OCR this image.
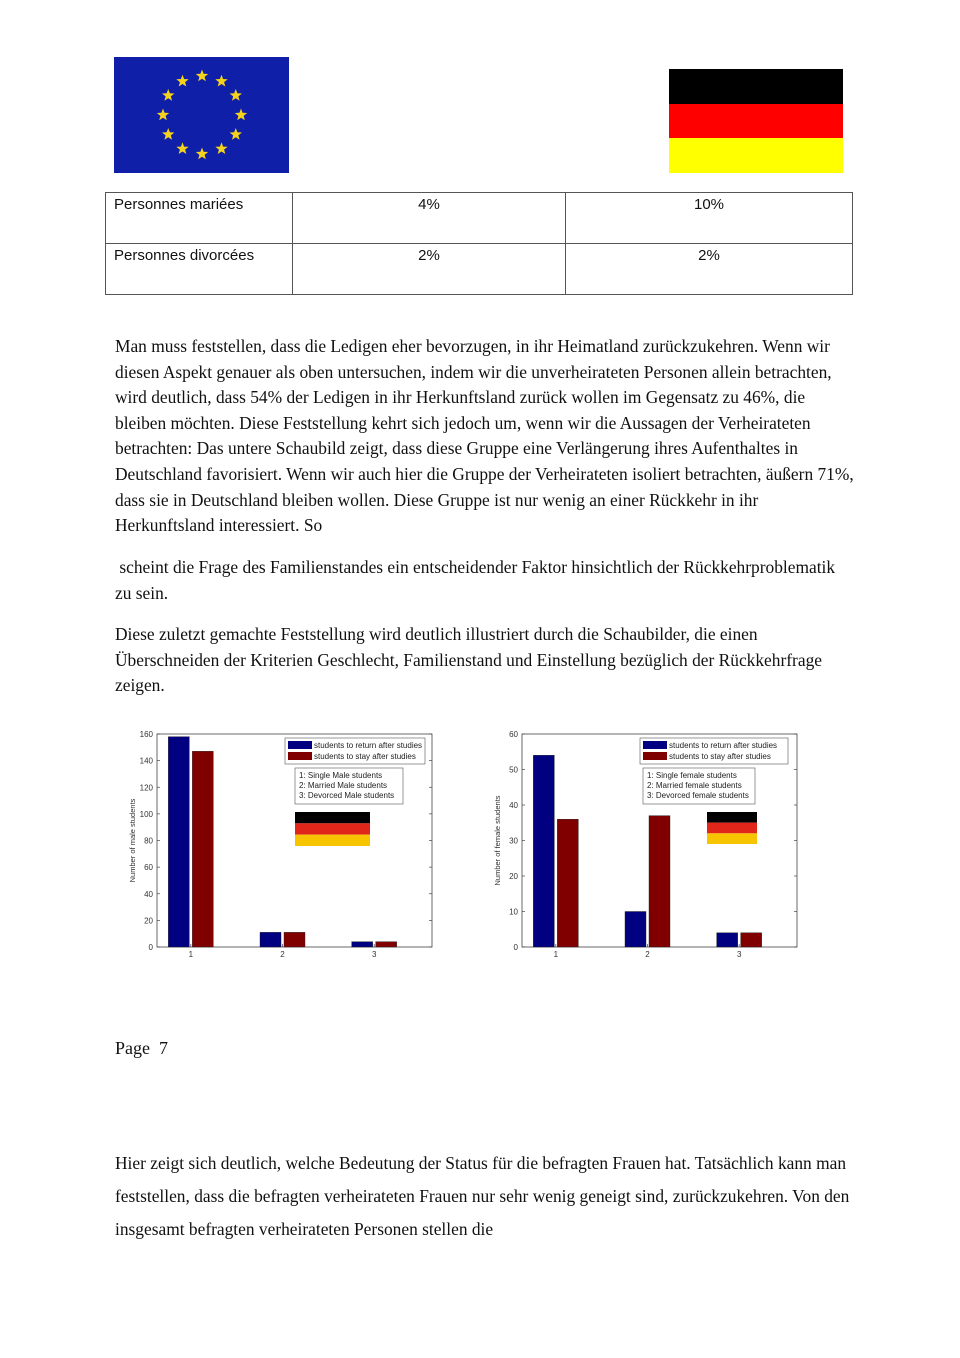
Personnes mariées	4%	10%
Personnes divorcées	2%	2%
Man muss feststellen, dass die Ledigen eher bevorzugen, in ihr Heimatland zurückzukehren. Wenn wir diesen Aspekt genauer als oben untersuchen, indem wir die unverheirateten Personen allein betrachten, wird deutlich, dass 54% der Ledigen in ihr Herkunftsland zurück wollen im Gegensatz zu 46%, die bleiben möchten. Diese Feststellung kehrt sich jedoch um, wenn wir die Aussagen der Verheirateten betrachten: Das untere Schaubild zeigt, dass diese Gruppe eine Verlängerung ihres Aufenthaltes in Deutschland favorisiert. Wenn wir auch hier die Gruppe der Verheirateten isoliert betrachten, äußern 71%, dass sie in Deutschland bleiben wollen. Diese Gruppe ist nur wenig an einer Rückkehr in ihr Herkunftsland interessiert. So
scheint die Frage des Familienstandes ein entscheidender Faktor hinsichtlich der Rückkehrproblematik zu sein.
Diese zuletzt gemachte Feststellung wird deutlich illustriert durch die Schaubilder, die einen Überschneiden der Kriterien Geschlecht, Familienstand und Einstellung bezüglich der Rückkehrfrage zeigen.
0
20
40
60
80
100
120
140
160
Number of male students
1	2	3
students to return after studies
students to stay after studies
1: Single Male students
2: Married Male students
3: Devorced Male students
0
10
20
30
40
50
60
Number of female students
1	2	3
students to return after studies
students to stay after studies
1: Single female students
2: Married female students
3: Devorced female students
Page  7
Hier zeigt sich deutlich, welche Bedeutung der Status für die befragten Frauen hat. Tatsächlich kann man feststellen, dass die befragten verheirateten Frauen nur sehr wenig geneigt sind, zurückzukehren. Von den insgesamt befragten verheirateten Personen stellen die
